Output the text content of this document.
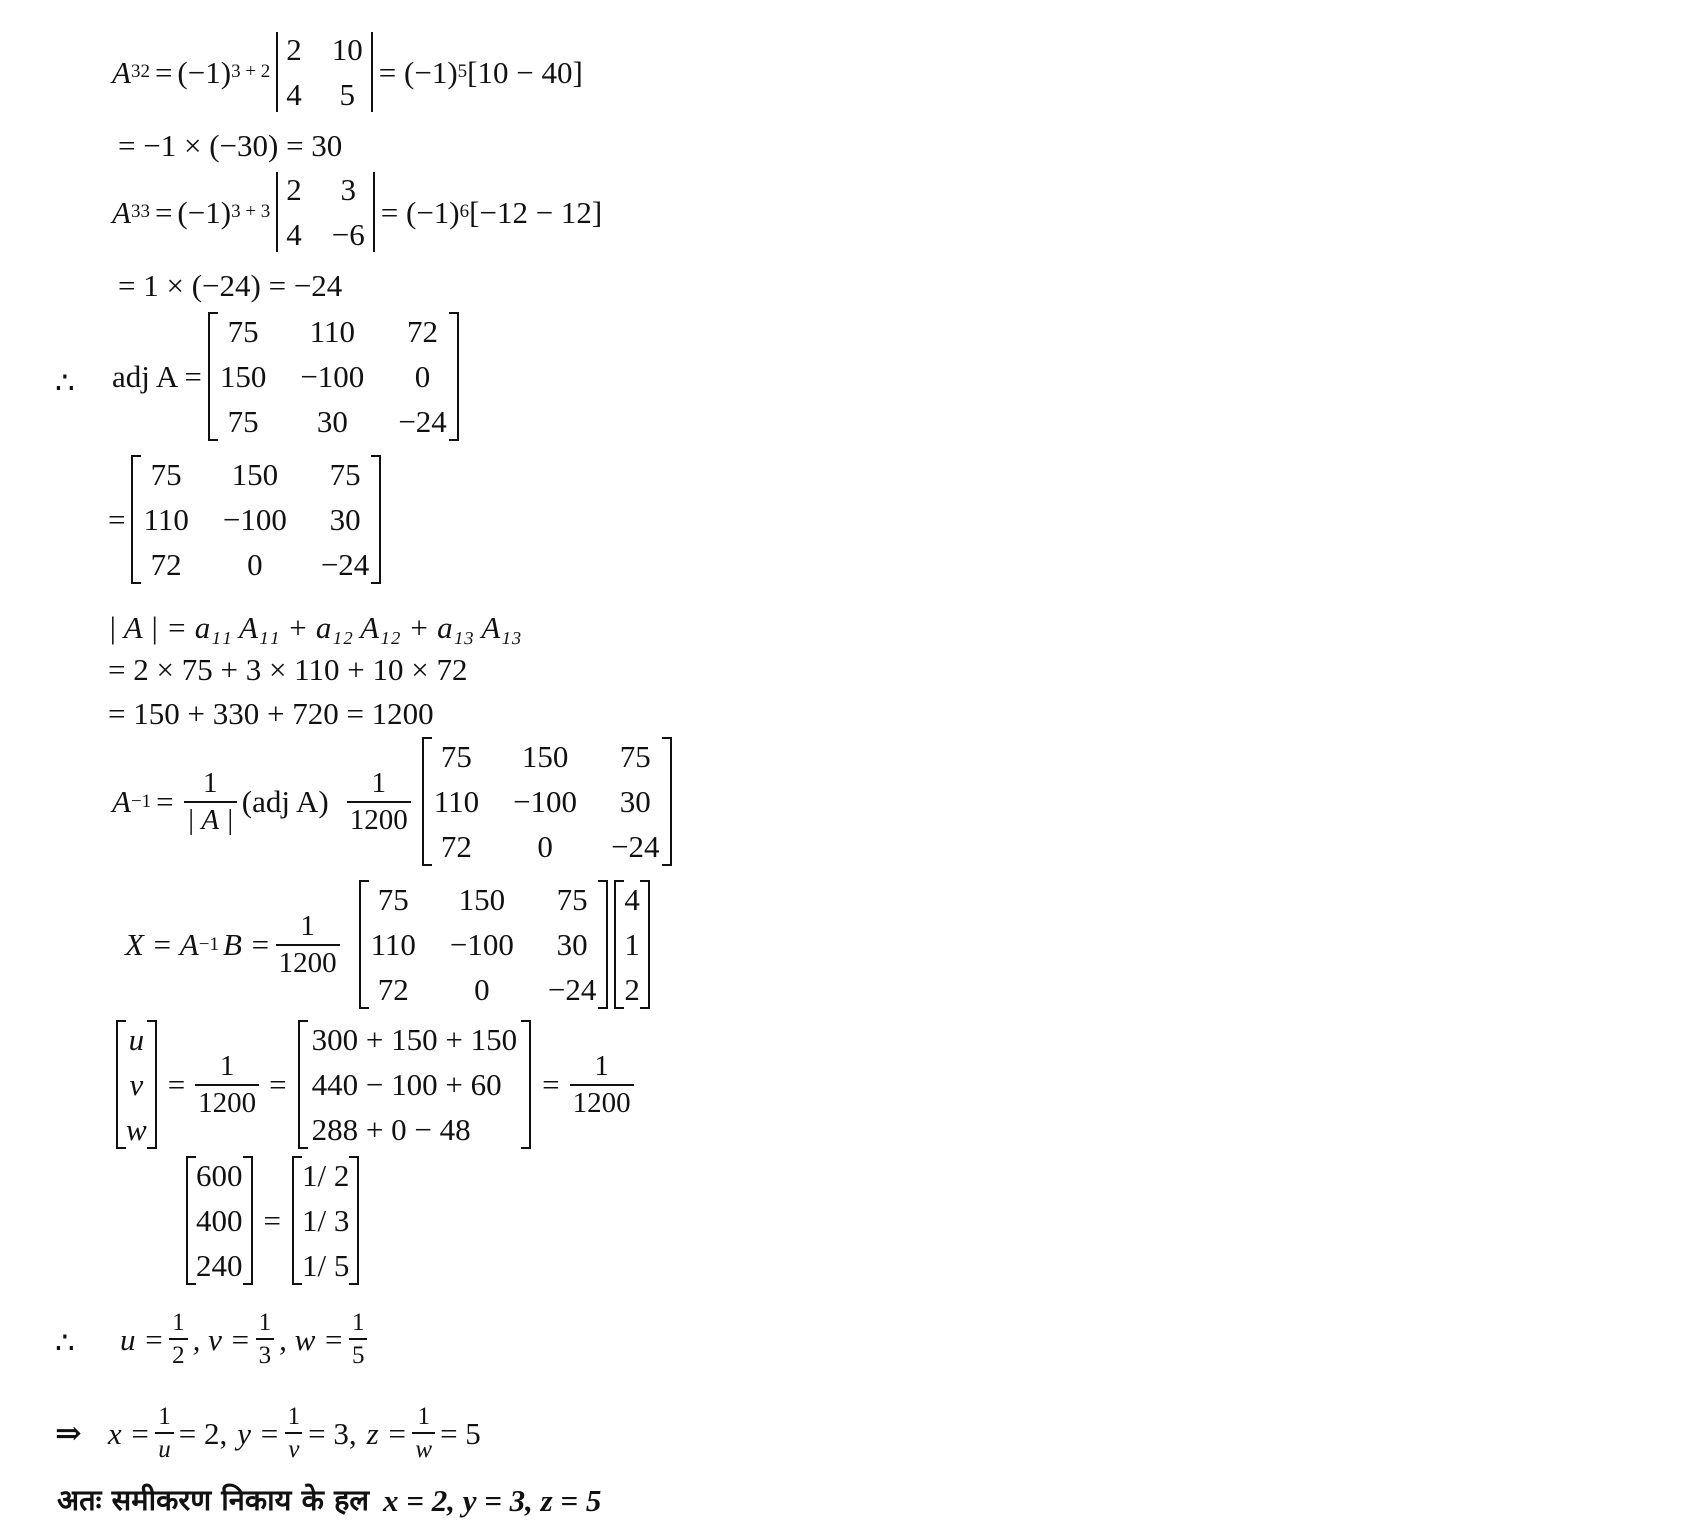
A 32 = (−1) 3 + 2
2 10
4 5
= (−1) 5 [10 − 40]
= −1 × (−30) = 30
A 33 = (−1) 3 + 3
2 3
4 −6
= (−1) 6 [−12 − 12]
= 1 × (−24) = −24
∴ adj A =
75	110	72
150 −100	0
75	30	−24
=
75 150 75
110 −100 30
72	0	−24
| A | = a₁₁ A₁₁ + a₁₂ A₁₂ + a₁₃ A₁₃
= 2 × 75 + 3 × 110 + 10 × 72
= 150 + 330 + 720 = 1200
$A -1 = \frac{1}{| A |} (adj$ $A) \frac{1}{1200}$
75 150 75
110 −100 30
72	0	−24
X = A −1 $B = \frac{1}{1200}$
75 150 75
110 −100 30
72	0	−24
4
1
2
u
v
w
= $\frac{1}{1200}$ =
300 + 150 + 150
440 − 100 + 60
288 + 0 − 48
= $\frac{1}{1200}$
600
400
240
=
1/ 2
1/ 3
1/ 5
∴ $u = \frac{1}{2}$ , $v = \frac{1}{3}$ , $w = \frac{1}{5}$
⇒ $x = \frac{1}{u} = 2$, $y = \frac{1}{v} = 3$, $z = \frac{1}{w} = 5$
अतः समीकरण निकाय के हल x = 2, y = 3, z = 5
